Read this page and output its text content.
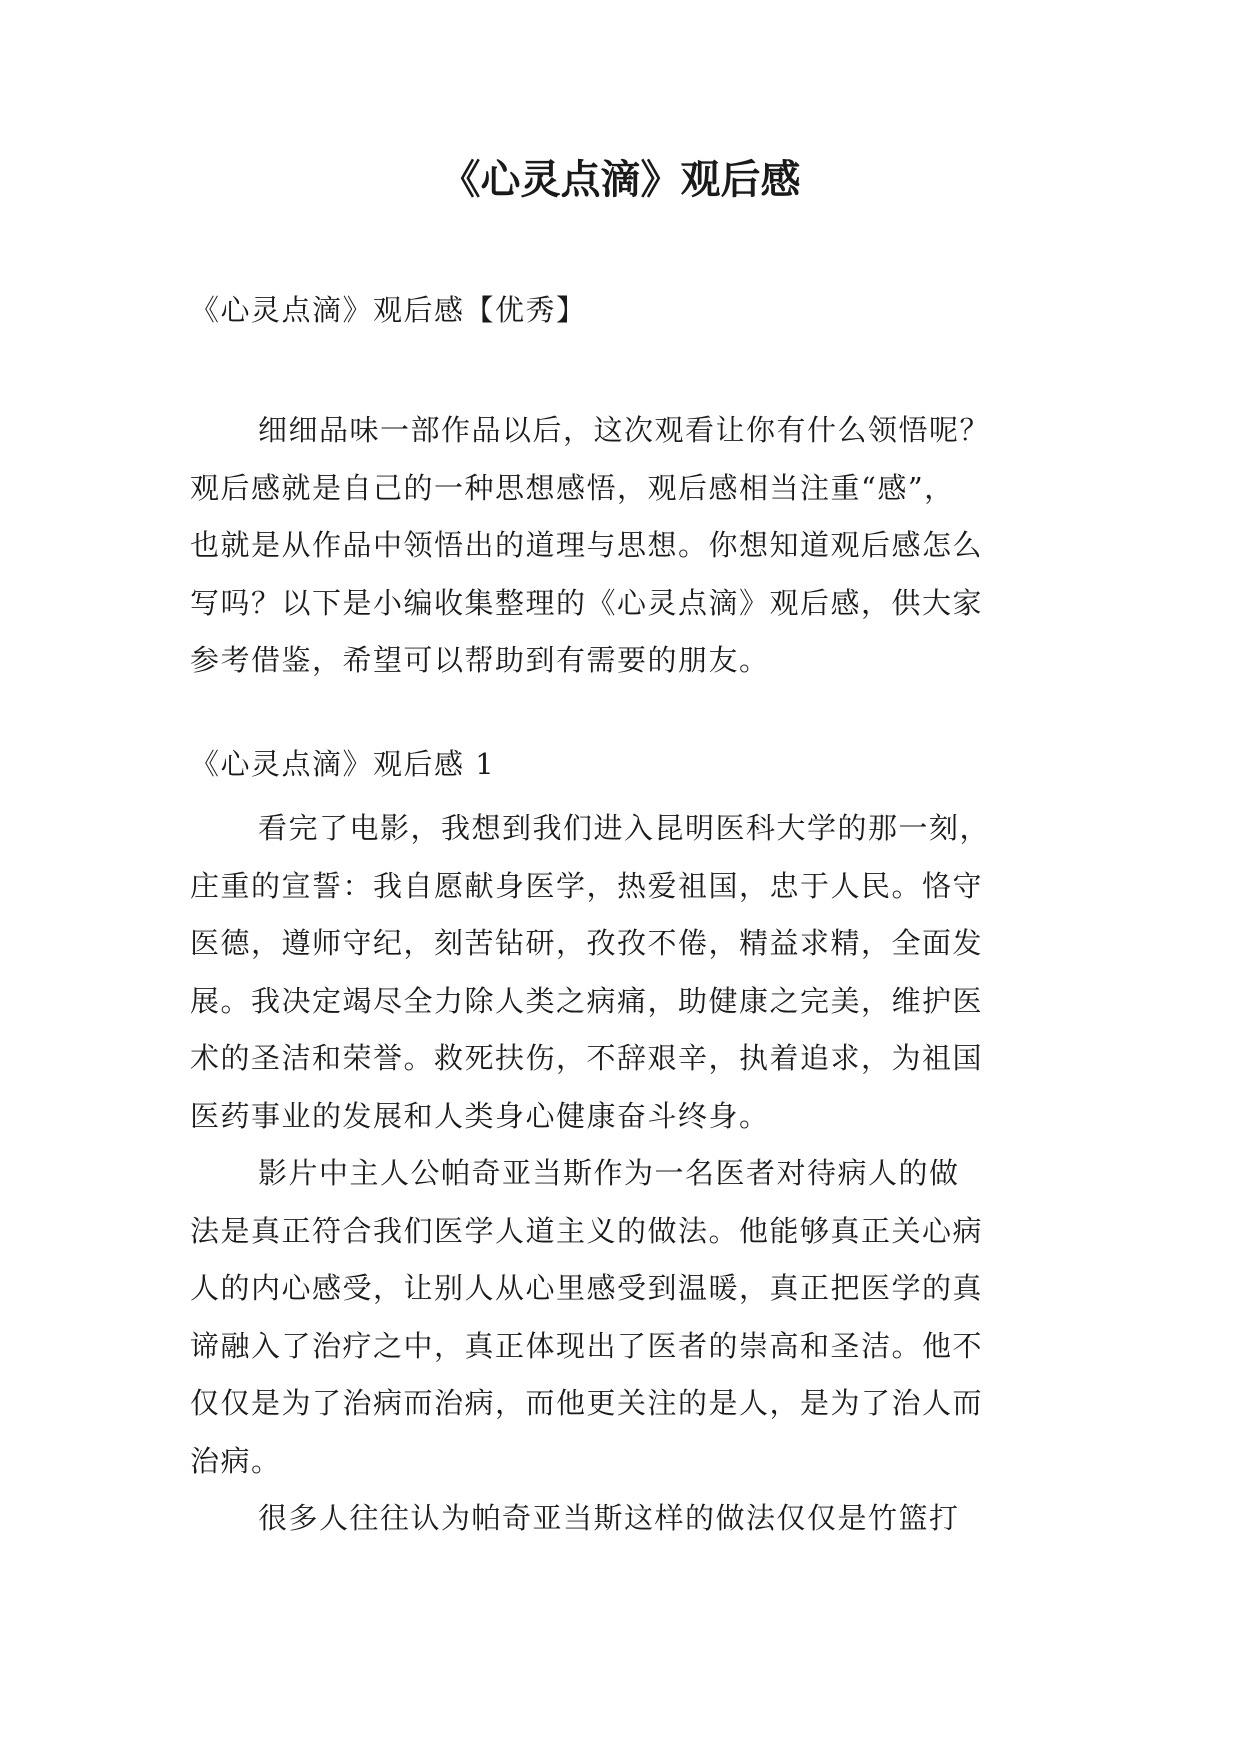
《心灵点滴》观后感

《心灵点滴》观后感【优秀】

细细品味一部作品以后，这次观看让你有什么领悟呢？
观后感就是自己的一种思想感悟，观后感相当注重“感”，
也就是从作品中领悟出的道理与思想。你想知道观后感怎么
写吗？以下是小编收集整理的《心灵点滴》观后感，供大家
参考借鉴，希望可以帮助到有需要的朋友。

《心灵点滴》观后感 1

看完了电影，我想到我们进入昆明医科大学的那一刻，
庄重的宣誓：我自愿献身医学，热爱祖国，忠于人民。恪守
医德，遵师守纪，刻苦钻研，孜孜不倦，精益求精，全面发
展。我决定竭尽全力除人类之病痛，助健康之完美，维护医
术的圣洁和荣誉。救死扶伤，不辞艰辛，执着追求，为祖国
医药事业的发展和人类身心健康奋斗终身。
影片中主人公帕奇亚当斯作为一名医者对待病人的做
法是真正符合我们医学人道主义的做法。他能够真正关心病
人的内心感受，让别人从心里感受到温暖，真正把医学的真
谛融入了治疗之中，真正体现出了医者的崇高和圣洁。他不
仅仅是为了治病而治病，而他更关注的是人，是为了治人而
治病。
很多人往往认为帕奇亚当斯这样的做法仅仅是竹篮打
